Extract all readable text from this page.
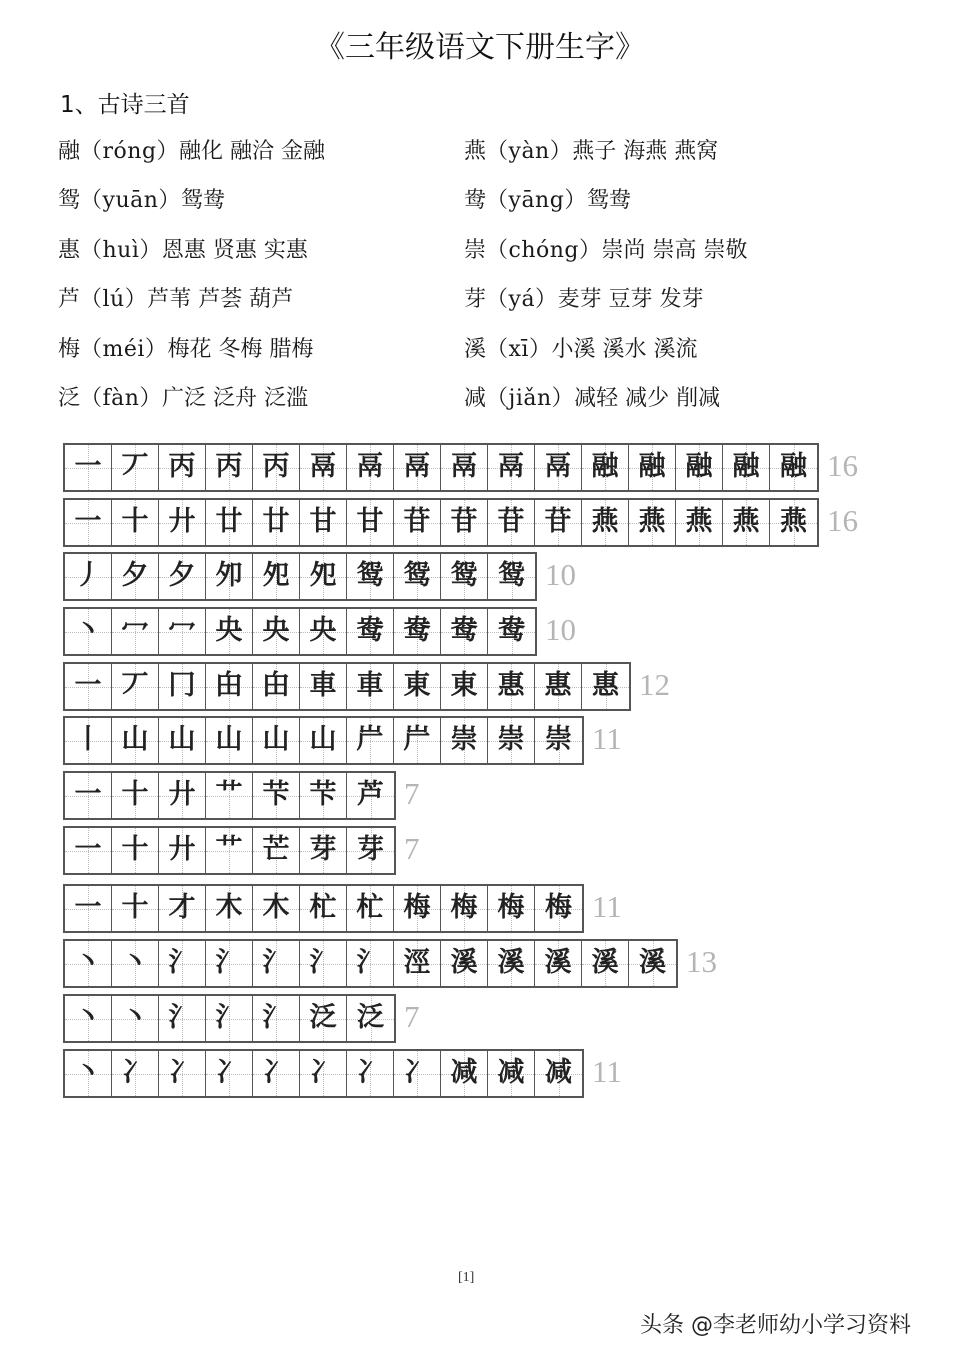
《三年级语文下册生字》
1、古诗三首
融（róng）融化 融洽 金融
鸳（yuān）鸳鸯
惠（huì）恩惠 贤惠 实惠
芦（lú）芦苇 芦荟 葫芦
梅（méi）梅花 冬梅 腊梅
泛（fàn）广泛 泛舟 泛滥
燕（yàn）燕子 海燕 燕窝
鸯（yāng）鸳鸯
崇（chóng）崇尚 崇高 崇敬
芽（yá）麦芽 豆芽 发芽
溪（xī）小溪 溪水 溪流
减（jiǎn）减轻 减少 削减
一 丆 丙 丙 丙 鬲 鬲 鬲 鬲 鬲 鬲 融 融 融 融 融 16
一 十 廾 廿 廿 甘 甘 苷 苷 苷 苷 燕 燕 燕 燕 燕 16
丿 夕 夕 夘 夗 夗 鸳 鸳 鸳 鸳 10
丶 冖 冖 央 央 央 鸯 鸯 鸯 鸯 10
一 丆 冂 甶 甶 車 車 東 東 惠 惠 惠 12
丨 山 山 山 山 山 屵 屵 崇 崇 崇 11
一 十 廾 艹 芐 芐 芦 7
一 十 廾 艹 芒 芽 芽 7
一 十 才 木 木 杧 杧 梅 梅 梅 梅 11
丶 丶 氵 氵 氵 氵 氵 涇 溪 溪 溪 溪 溪 13
丶 丶 氵 氵 氵 泛 泛 7
丶 冫 冫 冫 冫 冫 冫 冫 减 减 减 11
[1]
头条 @李老师幼小学习资料
